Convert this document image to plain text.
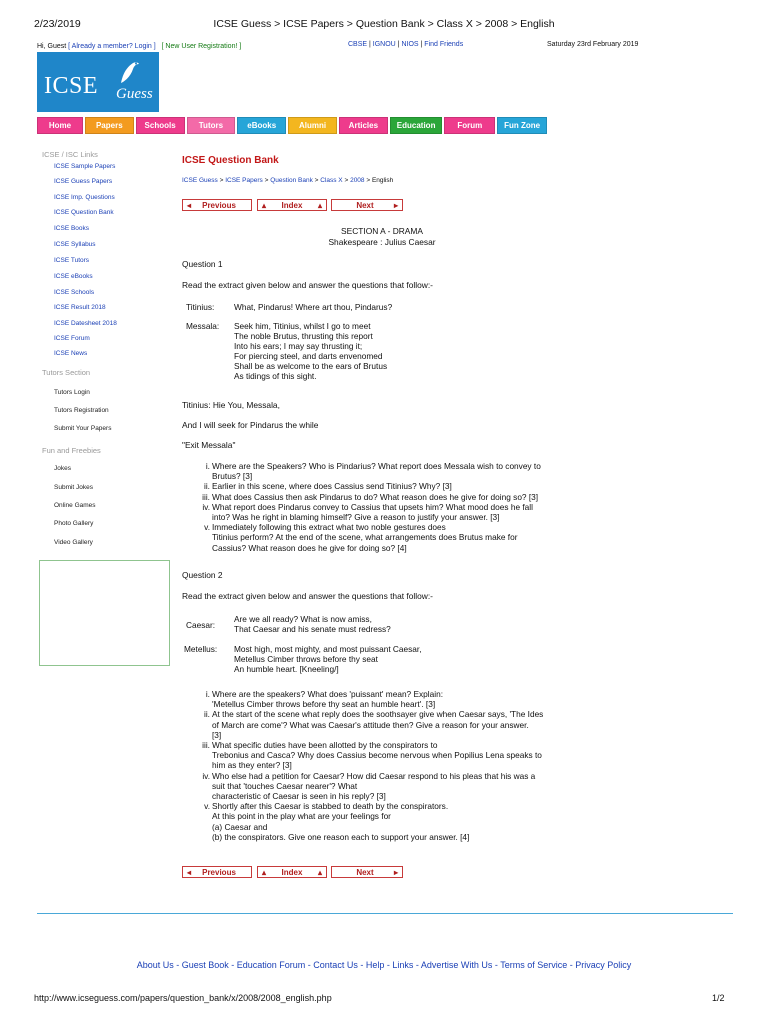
2/23/2019	ICSE Guess > ICSE Papers > Question Bank > Class X > 2008 > English
Hi, Guest [ Already a member? Login ] [ New User Registration! ]	CBSE | IGNOU | NIOS | Find Friends	Saturday 23rd February 2019
ICSE Guess
Home	Papers	Schools	Tutors	eBooks	Alumni	Articles	Education	Forum	Fun Zone
ICSE / ISC Links
ICSE Sample Papers
ICSE Guess Papers
ICSE Imp. Questions
ICSE Question Bank
ICSE Books
ICSE Syllabus
ICSE Tutors
ICSE eBooks
ICSE Schools
ICSE Result 2018
ICSE Datesheet 2018
ICSE Forum
ICSE News
Tutors Section
Tutors Login
Tutors Registration
Submit Your Papers
Fun and Freebies
Jokes
Submit Jokes
Online Games
Photo Gallery
Video Gallery
ICSE Question Bank
ICSE Guess > ICSE Papers > Question Bank > Class X > 2008 > English
◂ Previous	▴ Index ▴	Next	▸
SECTION A - DRAMA
Shakespeare : Julius Caesar
Question 1
Read the extract given below and answer the questions that follow:-
Titinius: What, Pindarus! Where art thou, Pindarus?
Messala: Seek him, Titinius, whilst I go to meet
The noble Brutus, thrusting this report
Into his ears; I may say thrusting it;
For piercing steel, and darts envenomed
Shall be as welcome to the ears of Brutus
As tidings of this sight.
Titinius: Hie You, Messala,
And I will seek for Pindarus the while
"Exit Messala"
i. Where are the Speakers? Who is Pindarius? What report does Messala wish to convey to
Brutus? [3]
ii. Earlier in this scene, where does Cassius send Titinius? Why? [3]
iii. What does Cassius then ask Pindarus to do? What reason does he give for doing so? [3]
iv. What report does Pindarus convey to Cassius that upsets him? What mood does he fall
into? Was he right in blaming himself? Give a reason to justify your answer. [3]
v. Immediately following this extract what two noble gestures does
Titinius perform? At the end of the scene, what arrangements does Brutus make for
Cassius? What reason does he give for doing so? [4]
Question 2
Read the extract given below and answer the questions that follow:-
Caesar:
Are we all ready? What is now amiss,
That Caesar and his senate must redress?
Metellus: Most high, most mighty, and most puissant Caesar,
Metellus Cimber throws before thy seat
An humble heart. [Kneeling/]
i. Where are the speakers? What does 'puissant' mean? Explain:
'Metellus Cimber throws before thy seat an humble heart'. [3]
ii. At the start of the scene what reply does the soothsayer give when Caesar says, 'The Ides
of March are come'? What was Caesar's attitude then? Give a reason for your answer.
[3]
iii. What specific duties have been allotted by the conspirators to
Trebonius and Casca? Why does Cassius become nervous when Popilius Lena speaks to
him as they enter? [3]
iv. Who else had a petition for Caesar? How did Caesar respond to his pleas that his was a
suit that 'touches Caesar nearer'? What
characteristic of Caesar is seen in his reply? [3]
v. Shortly after this Caesar is stabbed to death by the conspirators.
At this point in the play what are your feelings for
(a) Caesar and
(b) the conspirators. Give one reason each to support your answer. [4]
◂ Previous	▴ Index ▴	Next	▸
About Us - Guest Book - Education Forum - Contact Us - Help - Links - Advertise With Us - Terms of Service - Privacy Policy
http://www.icseguess.com/papers/question_bank/x/2008/2008_english.php	1/2
